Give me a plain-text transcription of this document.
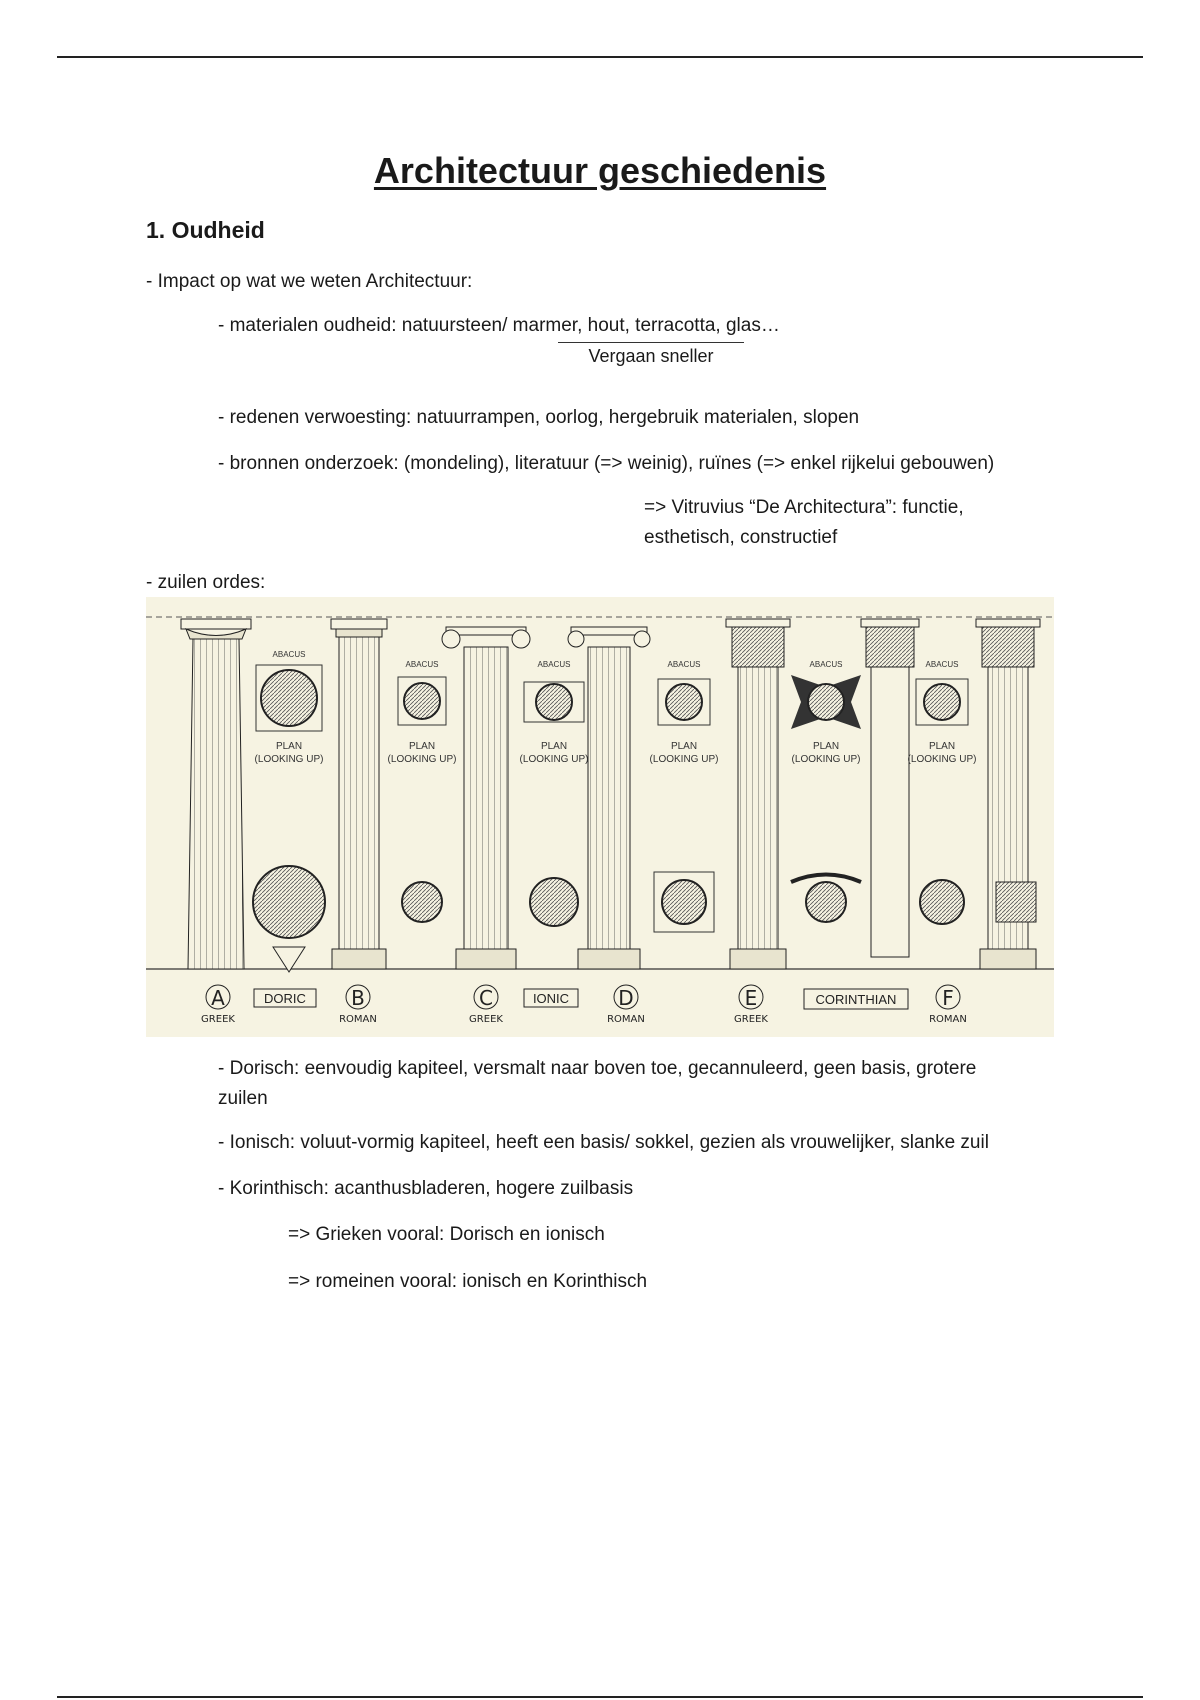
Architectuur geschiedenis
1. Oudheid
- Impact op wat we weten Architectuur:
- materialen oudheid: natuursteen/ marmer, hout, terracotta, glas…
Vergaan sneller
- redenen verwoesting: natuurrampen, oorlog, hergebruik materialen, slopen
- bronnen onderzoek: (mondeling), literatuur (=> weinig), ruïnes (=> enkel rijkelui gebouwen)
=> Vitruvius “De Architectura”: functie,
esthetisch, constructief
- zuilen ordes:
ABACUS
ABACUS	ABACUS	ABACUS	ABACUS	ABACUS
PLAN
(LOOKING UP)
PLAN
(LOOKING UP)
PLAN
(LOOKING UP)
PLAN
(LOOKING UP)
PLAN
(LOOKING UP)
PLAN
(LOOKING UP)
A
GREEK
B
ROMAN
C
GREEK
D
ROMAN
E
GREEK
F
ROMAN
DORIC	IONIC	CORINTHIAN
- Dorisch: eenvoudig kapiteel, versmalt naar boven toe, gecannuleerd, geen basis, grotere
zuilen
- Ionisch: voluut-vormig kapiteel, heeft een basis/ sokkel, gezien als vrouwelijker, slanke zuil
- Korinthisch: acanthusbladeren, hogere zuilbasis
=> Grieken vooral: Dorisch en ionisch
=> romeinen vooral: ionisch en Korinthisch
